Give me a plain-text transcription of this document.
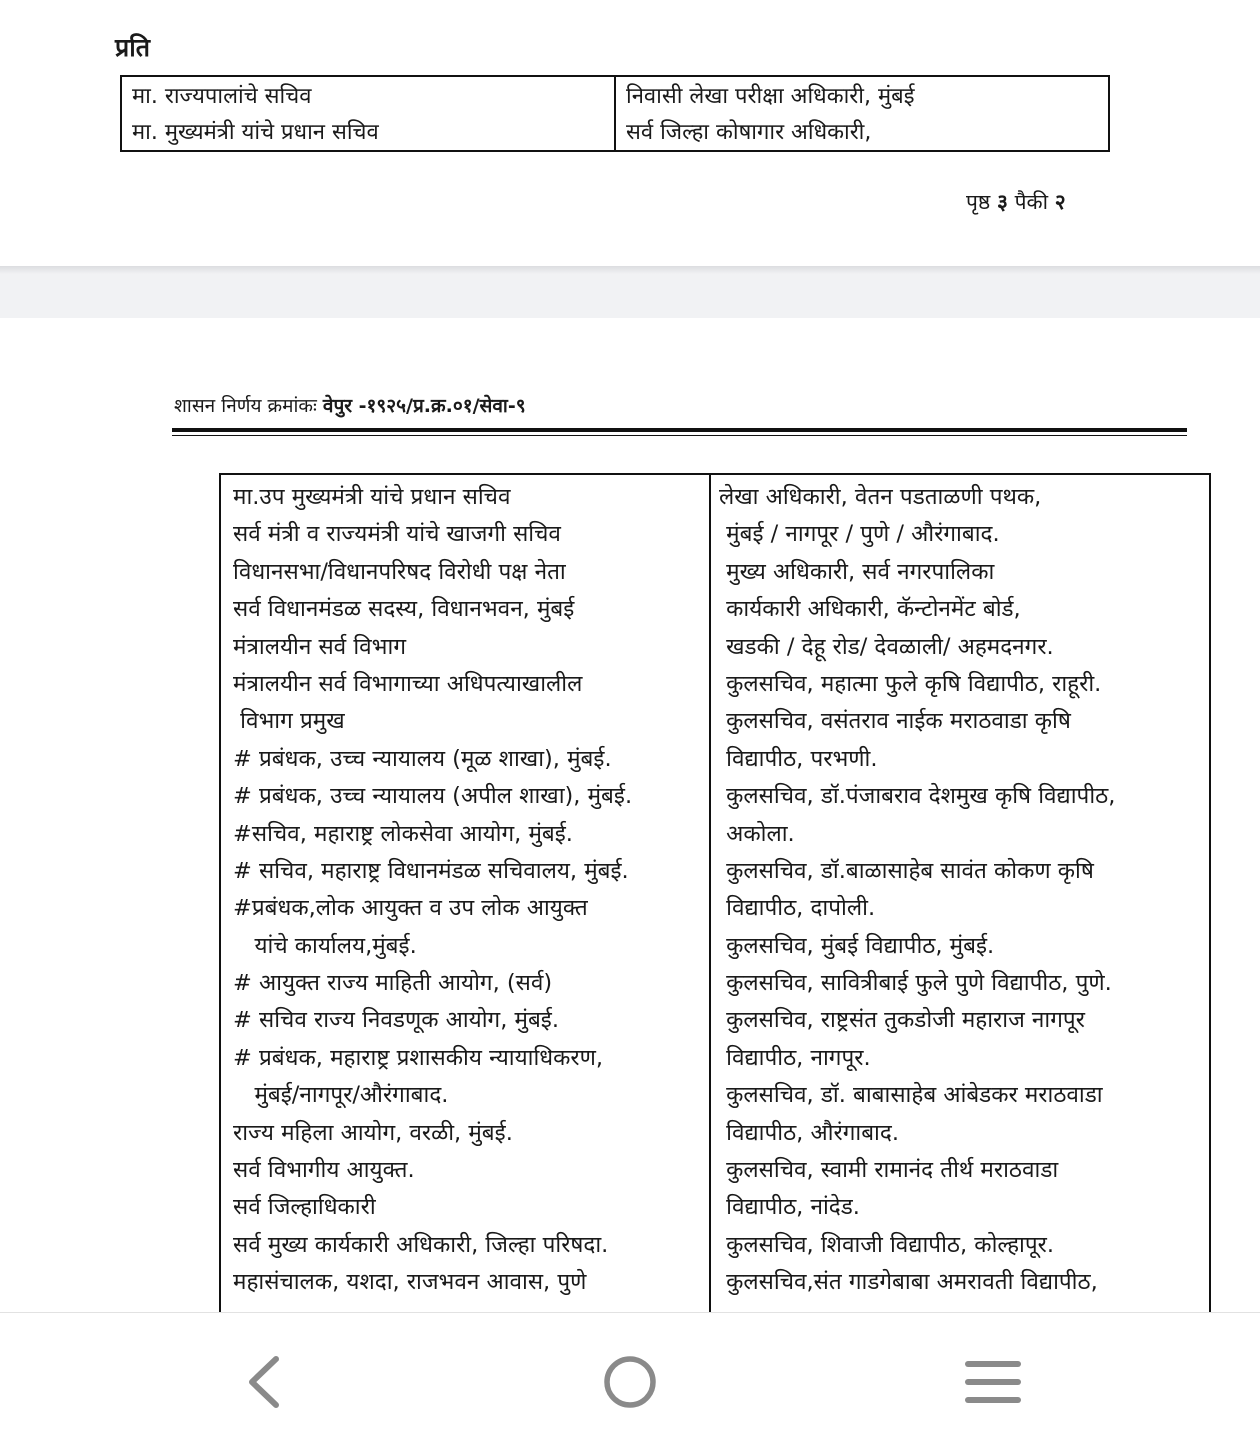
प्रति
मा. राज्यपालांचे सचिव
मा. मुख्यमंत्री यांचे प्रधान सचिव
निवासी लेखा परीक्षा अधिकारी, मुंबई
सर्व जिल्हा कोषागार अधिकारी,
पृष्ठ ३ पैकी २
शासन निर्णय क्रमांकः वेपुर -१९२५/प्र.क्र.०१/सेवा-९
मा.उप मुख्यमंत्री यांचे प्रधान सचिव
सर्व मंत्री व राज्यमंत्री यांचे खाजगी सचिव
विधानसभा/विधानपरिषद विरोधी पक्ष नेता
सर्व विधानमंडळ सदस्य, विधानभवन, मुंबई
मंत्रालयीन सर्व विभाग
मंत्रालयीन सर्व विभागाच्या अधिपत्याखालील
विभाग प्रमुख
# प्रबंधक, उच्च न्यायालय (मूळ शाखा), मुंबई.
# प्रबंधक, उच्च न्यायालय (अपील शाखा), मुंबई.
#सचिव, महाराष्ट्र लोकसेवा आयोग, मुंबई.
# सचिव, महाराष्ट्र विधानमंडळ सचिवालय, मुंबई.
#प्रबंधक,लोक आयुक्त व उप लोक आयुक्त
यांचे कार्यालय,मुंबई.
# आयुक्त राज्य माहिती आयोग, (सर्व)
# सचिव राज्य निवडणूक आयोग, मुंबई.
# प्रबंधक, महाराष्ट्र प्रशासकीय न्यायाधिकरण,
मुंबई/नागपूर/औरंगाबाद.
राज्य महिला आयोग, वरळी, मुंबई.
सर्व विभागीय आयुक्त.
सर्व जिल्हाधिकारी
सर्व मुख्य कार्यकारी अधिकारी, जिल्हा परिषदा.
महासंचालक, यशदा, राजभवन आवास, पुणे
लेखा अधिकारी, वेतन पडताळणी पथक,
मुंबई / नागपूर / पुणे / औरंगाबाद.
मुख्य अधिकारी, सर्व नगरपालिका
कार्यकारी अधिकारी, कॅन्टोनमेंट बोर्ड,
खडकी / देहू रोड/ देवळाली/ अहमदनगर.
कुलसचिव, महात्मा फुले कृषि विद्यापीठ, राहूरी.
कुलसचिव, वसंतराव नाईक मराठवाडा कृषि
विद्यापीठ, परभणी.
कुलसचिव, डॉ.पंजाबराव देशमुख कृषि विद्यापीठ,
अकोला.
कुलसचिव, डॉ.बाळासाहेब सावंत कोकण कृषि
विद्यापीठ, दापोली.
कुलसचिव, मुंबई विद्यापीठ, मुंबई.
कुलसचिव, सावित्रीबाई फुले पुणे विद्यापीठ, पुणे.
कुलसचिव, राष्ट्रसंत तुकडोजी महाराज नागपूर
विद्यापीठ, नागपूर.
कुलसचिव, डॉ. बाबासाहेब आंबेडकर मराठवाडा
विद्यापीठ, औरंगाबाद.
कुलसचिव, स्वामी रामानंद तीर्थ मराठवाडा
विद्यापीठ, नांदेड.
कुलसचिव, शिवाजी विद्यापीठ, कोल्हापूर.
कुलसचिव,संत गाडगेबाबा अमरावती विद्यापीठ,
